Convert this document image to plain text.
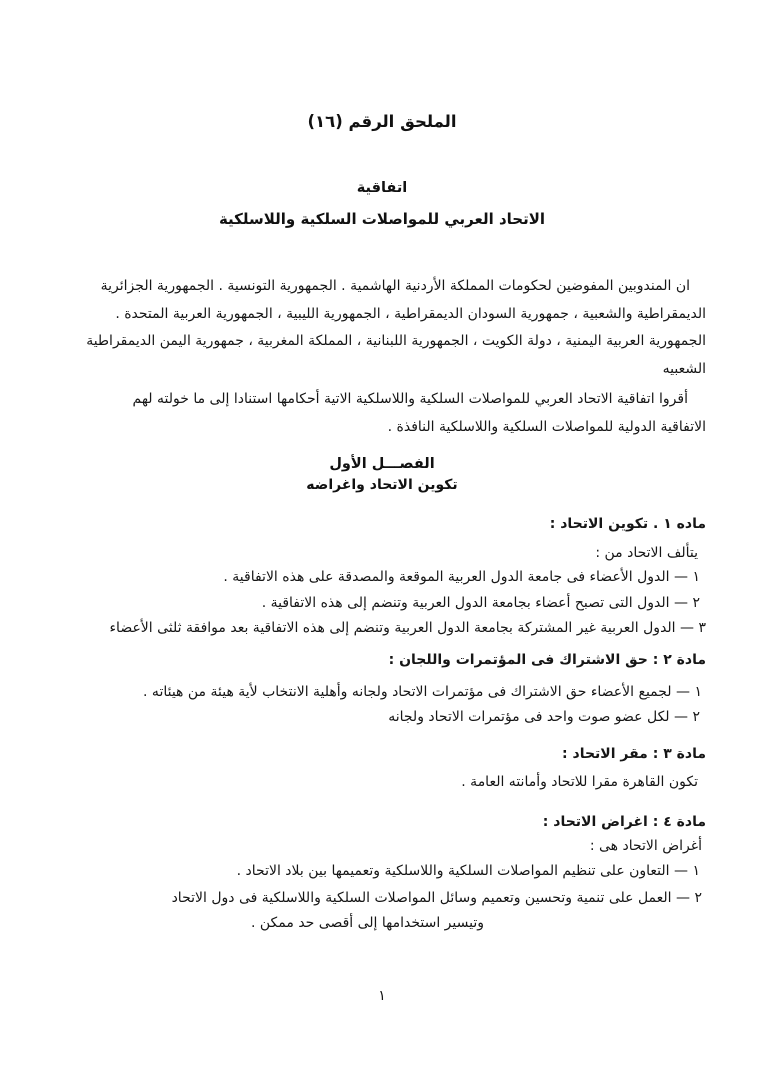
الملحق الرقم (١٦)
اتفاقية
الاتحاد العربي للمواصلات السلكية واللاسلكية
ان المندوبين المفوضين لحكومات المملكة الأردنية الهاشمية . الجمهورية التونسية . الجمهورية الجزائرية
الديمقراطية والشعبية ، جمهورية السودان الديمقراطية ، الجمهورية الليبية ، الجمهورية العربية المتحدة .
الجمهورية العربية اليمنية ، دولة الكويت ، الجمهورية اللبنانية ، المملكة المغربية ، جمهورية اليمن الديمقراطية
الشعبيه
أقروا اتفاقية الاتحاد العربي للمواصلات السلكية واللاسلكية الاتية أحكامها استنادا إلى ما خولته لهم
الاتفاقية الدولية للمواصلات السلكية واللاسلكية النافذة .
الفصـــل الأول
تكوين الاتحاد واغراضه
ماده ١ . تكوين الاتحاد :
يتألف الاتحاد من :
١ — الدول الأعضاء فى جامعة الدول العربية الموقعة والمصدقة على هذه الاتفاقية .
٢ — الدول التى تصبح أعضاء بجامعة الدول العربية وتنضم إلى هذه الاتفاقية .
٣ — الدول العربية غير المشتركة بجامعة الدول العربية وتنضم إلى هذه الاتفاقية بعد موافقة ثلثى الأعضاء
مادة ٢ : حق الاشتراك فى المؤتمرات واللجان :
١ — لجميع الأعضاء حق الاشتراك فى مؤتمرات الاتحاد ولجانه وأهلية الانتخاب لأية هيئة من هيئاته .
٢ — لكل عضو صوت واحد فى مؤتمرات الاتحاد ولجانه
مادة ٣ : مقر الاتحاد :
تكون القاهرة مقرا للاتحاد وأمانته العامة .
مادة ٤ : اغراض الاتحاد :
أغراض الاتحاد هى :
١ — التعاون على تنظيم المواصلات السلكية واللاسلكية وتعميمها بين بلاد الاتحاد .
٢ — العمل على تنمية وتحسين وتعميم وسائل المواصلات السلكية واللاسلكية فى دول الاتحاد
وتيسير استخدامها إلى أقصى حد ممكن .
١
